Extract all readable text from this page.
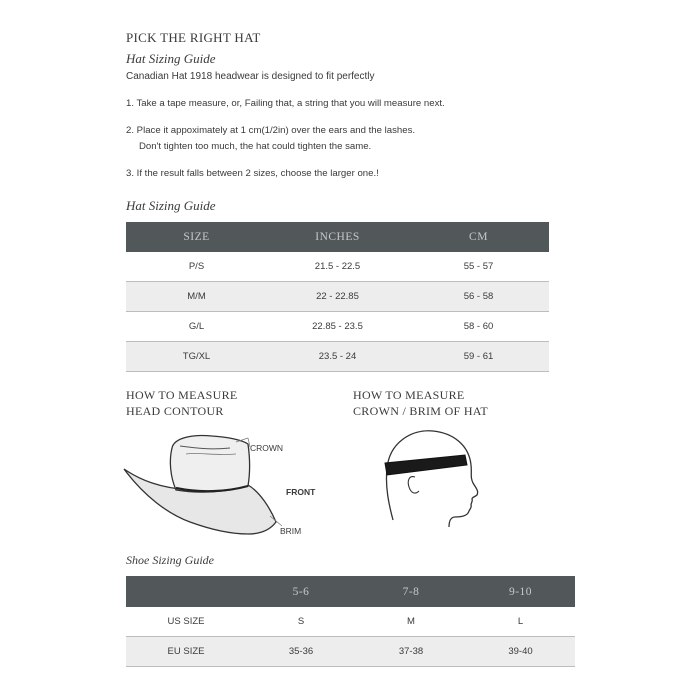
PICK THE RIGHT HAT
Hat Sizing Guide
Canadian Hat 1918 headwear is designed to fit perfectly
1. Take a tape measure, or, Failing that, a string that you will measure next.
2. Place it appoximately at 1 cm(1/2in) over the ears and the lashes.
Don't tighten too much, the hat could tighten the same.
3. If the result falls between 2 sizes, choose the larger one.!
Hat Sizing Guide
SIZE	INCHES	CM
P/S	21.5 - 22.5	55 - 57
M/M	22 - 22.85	56 - 58
G/L	22.85 - 23.5	58 - 60
TG/XL	23.5 - 24	59 - 61
HOW TO MEASURE
HEAD CONTOUR
HOW TO MEASURE
CROWN / BRIM OF HAT
CROWN
FRONT
BRIM
Shoe Sizing Guide
	5-6	7-8	9-10
US SIZE	S	M	L
EU SIZE	35-36	37-38	39-40
